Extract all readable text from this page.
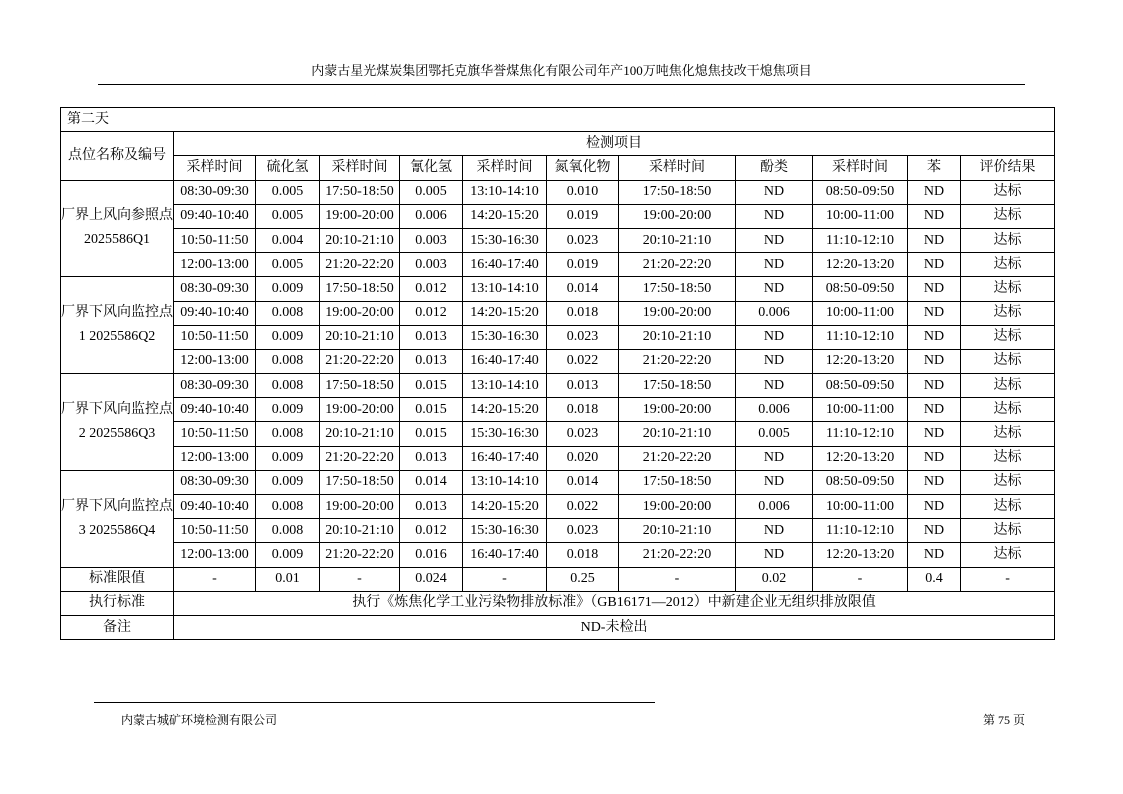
内蒙古星光煤炭集团鄂托克旗华誉煤焦化有限公司年产100万吨焦化熄焦技改干熄焦项目
第二天											
点位名称及编号	检测项目										
	采样时间	硫化氢	采样时间	氰化氢	采样时间	氮氧化物	采样时间	酚类	采样时间	苯	评价结果
厂界上风向参照点 2025586Q1	08:30-09:30	0.005	17:50-18:50	0.005	13:10-14:10	0.010	17:50-18:50	ND	08:50-09:50	ND	达标
	09:40-10:40	0.005	19:00-20:00	0.006	14:20-15:20	0.019	19:00-20:00	ND	10:00-11:00	ND	达标
	10:50-11:50	0.004	20:10-21:10	0.003	15:30-16:30	0.023	20:10-21:10	ND	11:10-12:10	ND	达标
	12:00-13:00	0.005	21:20-22:20	0.003	16:40-17:40	0.019	21:20-22:20	ND	12:20-13:20	ND	达标
厂界下风向监控点 1 2025586Q2	08:30-09:30	0.009	17:50-18:50	0.012	13:10-14:10	0.014	17:50-18:50	ND	08:50-09:50	ND	达标
	09:40-10:40	0.008	19:00-20:00	0.012	14:20-15:20	0.018	19:00-20:00	0.006	10:00-11:00	ND	达标
	10:50-11:50	0.009	20:10-21:10	0.013	15:30-16:30	0.023	20:10-21:10	ND	11:10-12:10	ND	达标
	12:00-13:00	0.008	21:20-22:20	0.013	16:40-17:40	0.022	21:20-22:20	ND	12:20-13:20	ND	达标
厂界下风向监控点 2 2025586Q3	08:30-09:30	0.008	17:50-18:50	0.015	13:10-14:10	0.013	17:50-18:50	ND	08:50-09:50	ND	达标
	09:40-10:40	0.009	19:00-20:00	0.015	14:20-15:20	0.018	19:00-20:00	0.006	10:00-11:00	ND	达标
	10:50-11:50	0.008	20:10-21:10	0.015	15:30-16:30	0.023	20:10-21:10	0.005	11:10-12:10	ND	达标
	12:00-13:00	0.009	21:20-22:20	0.013	16:40-17:40	0.020	21:20-22:20	ND	12:20-13:20	ND	达标
厂界下风向监控点 3 2025586Q4	08:30-09:30	0.009	17:50-18:50	0.014	13:10-14:10	0.014	17:50-18:50	ND	08:50-09:50	ND	达标
	09:40-10:40	0.008	19:00-20:00	0.013	14:20-15:20	0.022	19:00-20:00	0.006	10:00-11:00	ND	达标
	10:50-11:50	0.008	20:10-21:10	0.012	15:30-16:30	0.023	20:10-21:10	ND	11:10-12:10	ND	达标
	12:00-13:00	0.009	21:20-22:20	0.016	16:40-17:40	0.018	21:20-22:20	ND	12:20-13:20	ND	达标
标准限值	-	0.01	-	0.024	-	0.25	-	0.02	-	0.4	-
执行标准	执行《炼焦化学工业污染物排放标准》（GB16171—2012）中新建企业无组织排放限值										
备注	ND-未检出										
内蒙古城矿环境检测有限公司	第 75 页
